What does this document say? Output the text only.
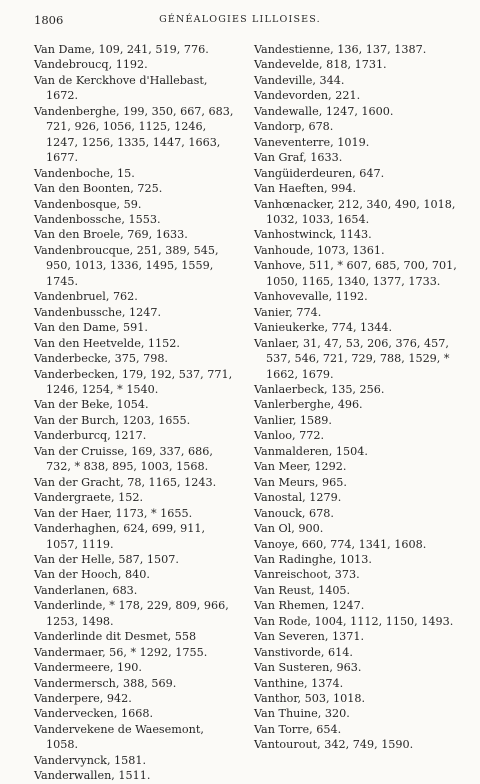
1806	GÉNÉALOGIES LILLOISES.
Van Dame, 109, 241, 519, 776.
Vandebroucq, 1192.
Van de Kerckhove d'Hallebast, 1672.
Vandenberghe, 199, 350, 667, 683, 721, 926, 1056, 1125, 1246, 1247, 1256, 1335, 1447, 1663, 1677.
Vandenboche, 15.
Van den Boonten, 725.
Vandenbosque, 59.
Vandenbossche, 1553.
Van den Broele, 769, 1633.
Vandenbroucque, 251, 389, 545, 950, 1013, 1336, 1495, 1559, 1745.
Vandenbruel, 762.
Vandenbussche, 1247.
Van den Dame, 591.
Van den Heetvelde, 1152.
Vanderbecke, 375, 798.
Vanderbecken, 179, 192, 537, 771, 1246, 1254, * 1540.
Van der Beke, 1054.
Van der Burch, 1203, 1655.
Vanderburcq, 1217.
Van der Cruisse, 169, 337, 686, 732, * 838, 895, 1003, 1568.
Van der Gracht, 78, 1165, 1243.
Vandergraete, 152.
Van der Haer, 1173, * 1655.
Vanderhaghen, 624, 699, 911, 1057, 1119.
Van der Helle, 587, 1507.
Van der Hooch, 840.
Vanderlanen, 683.
Vanderlinde, * 178, 229, 809, 966, 1253, 1498.
Vanderlinde dit Desmet, 558
Vandermaer, 56, * 1292, 1755.
Vandermeere, 190.
Vandermersch, 388, 569.
Vanderpere, 942.
Vandervecken, 1668.
Vandervekene de Waesemont, 1058.
Vandervynck, 1581.
Vanderwallen, 1511.
Vandestienne, 136, 137, 1387.
Vandevelde, 818, 1731.
Vandeville, 344.
Vandevorden, 221.
Vandewalle, 1247, 1600.
Vandorp, 678.
Vaneventerre, 1019.
Van Graf, 1633.
Vangüiderdeuren, 647.
Van Haeften, 994.
Vanhœnacker, 212, 340, 490, 1018, 1032, 1033, 1654.
Vanhostwinck, 1143.
Vanhoude, 1073, 1361.
Vanhove, 511, * 607, 685, 700, 701, 1050, 1165, 1340, 1377, 1733.
Vanhovevalle, 1192.
Vanier, 774.
Vanieukerke, 774, 1344.
Vanlaer, 31, 47, 53, 206, 376, 457, 537, 546, 721, 729, 788, 1529, * 1662, 1679.
Vanlaerbeck, 135, 256.
Vanlerberghe, 496.
Vanlier, 1589.
Vanloo, 772.
Vanmalderen, 1504.
Van Meer, 1292.
Van Meurs, 965.
Vanostal, 1279.
Vanouck, 678.
Van Ol, 900.
Vanoye, 660, 774, 1341, 1608.
Van Radinghe, 1013.
Vanreischoot, 373.
Van Reust, 1405.
Van Rhemen, 1247.
Van Rode, 1004, 1112, 1150, 1493.
Van Severen, 1371.
Vanstivorde, 614.
Van Susteren, 963.
Vanthine, 1374.
Vanthor, 503, 1018.
Van Thuine, 320.
Van Torre, 654.
Vantourout, 342, 749, 1590.
